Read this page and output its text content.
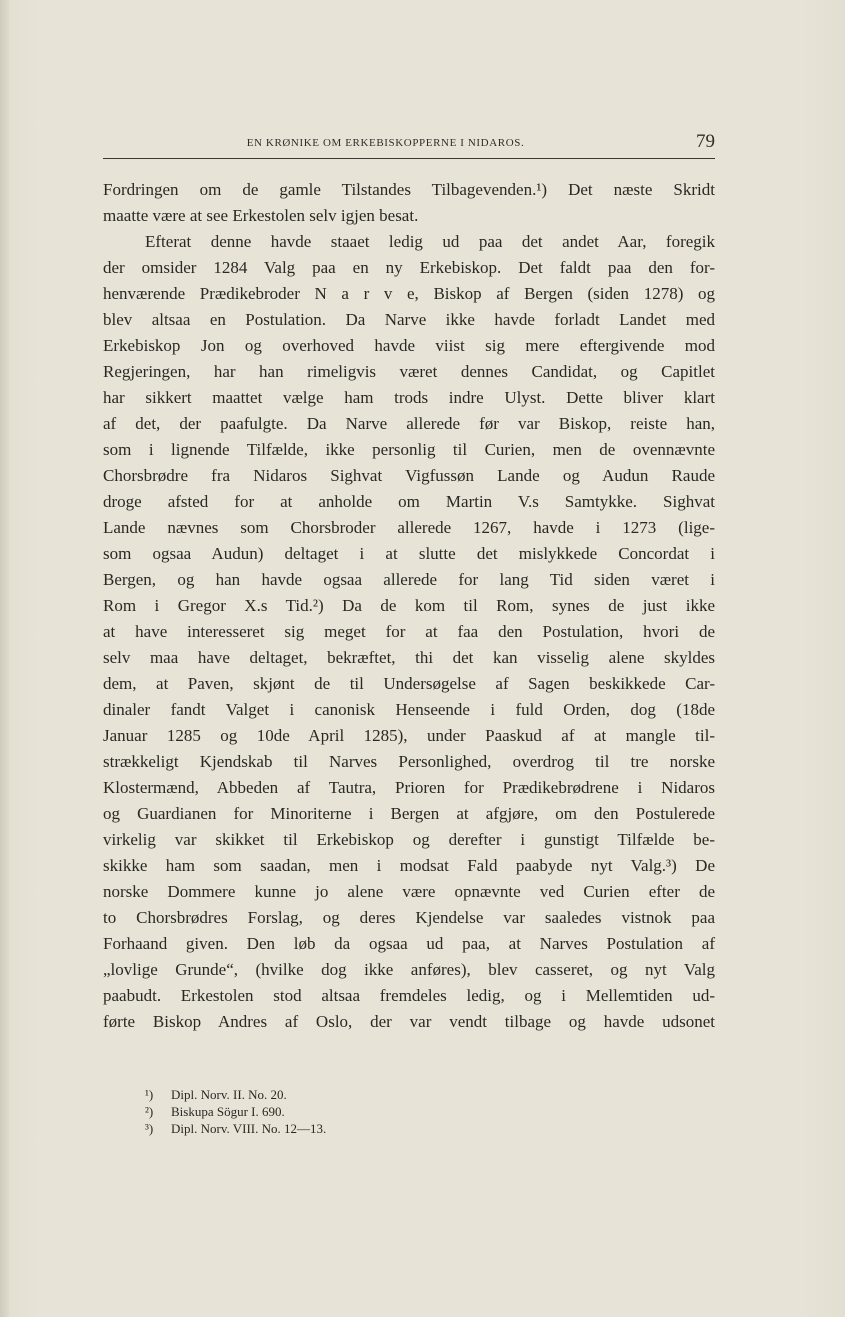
EN KRØNIKE OM ERKEBISKOPPERNE I NIDAROS.	79
Fordringen om de gamle Tilstandes Tilbagevenden.¹) Det næste Skridt
maatte være at see Erkestolen selv igjen besat.
Efterat denne havde staaet ledig ud paa det andet Aar, foregik
der omsider 1284 Valg paa en ny Erkebiskop. Det faldt paa den for-
henværende Prædikebroder N a r v e, Biskop af Bergen (siden 1278) og
blev altsaa en Postulation. Da Narve ikke havde forladt Landet med
Erkebiskop Jon og overhoved havde viist sig mere eftergivende mod
Regjeringen, har han rimeligvis været dennes Candidat, og Capitlet
har sikkert maattet vælge ham trods indre Ulyst. Dette bliver klart
af det, der paafulgte. Da Narve allerede før var Biskop, reiste han,
som i lignende Tilfælde, ikke personlig til Curien, men de ovennævnte
Chorsbrødre fra Nidaros Sighvat Vigfussøn Lande og Audun Raude
droge afsted for at anholde om Martin V.s Samtykke. Sighvat
Lande nævnes som Chorsbroder allerede 1267, havde i 1273 (lige-
som ogsaa Audun) deltaget i at slutte det mislykkede Concordat i
Bergen, og han havde ogsaa allerede for lang Tid siden været i
Rom i Gregor X.s Tid.²) Da de kom til Rom, synes de just ikke
at have interesseret sig meget for at faa den Postulation, hvori de
selv maa have deltaget, bekræftet, thi det kan visselig alene skyldes
dem, at Paven, skjønt de til Undersøgelse af Sagen beskikkede Car-
dinaler fandt Valget i canonisk Henseende i fuld Orden, dog (18de
Januar 1285 og 10de April 1285), under Paaskud af at mangle til-
strækkeligt Kjendskab til Narves Personlighed, overdrog til tre norske
Klostermænd, Abbeden af Tautra, Prioren for Prædikebrødrene i Nidaros
og Guardianen for Minoriterne i Bergen at afgjøre, om den Postulerede
virkelig var skikket til Erkebiskop og derefter i gunstigt Tilfælde be-
skikke ham som saadan, men i modsat Fald paabyde nyt Valg.³) De
norske Dommere kunne jo alene være opnævnte ved Curien efter de
to Chorsbrødres Forslag, og deres Kjendelse var saaledes vistnok paa
Forhaand given. Den løb da ogsaa ud paa, at Narves Postulation af
„lovlige Grunde“, (hvilke dog ikke anføres), blev casseret, og nyt Valg
paabudt. Erkestolen stod altsaa fremdeles ledig, og i Mellemtiden ud-
førte Biskop Andres af Oslo, der var vendt tilbage og havde udsonet
¹) Dipl. Norv. II. No. 20.
²) Biskupa Sögur I. 690.
³) Dipl. Norv. VIII. No. 12—13.
